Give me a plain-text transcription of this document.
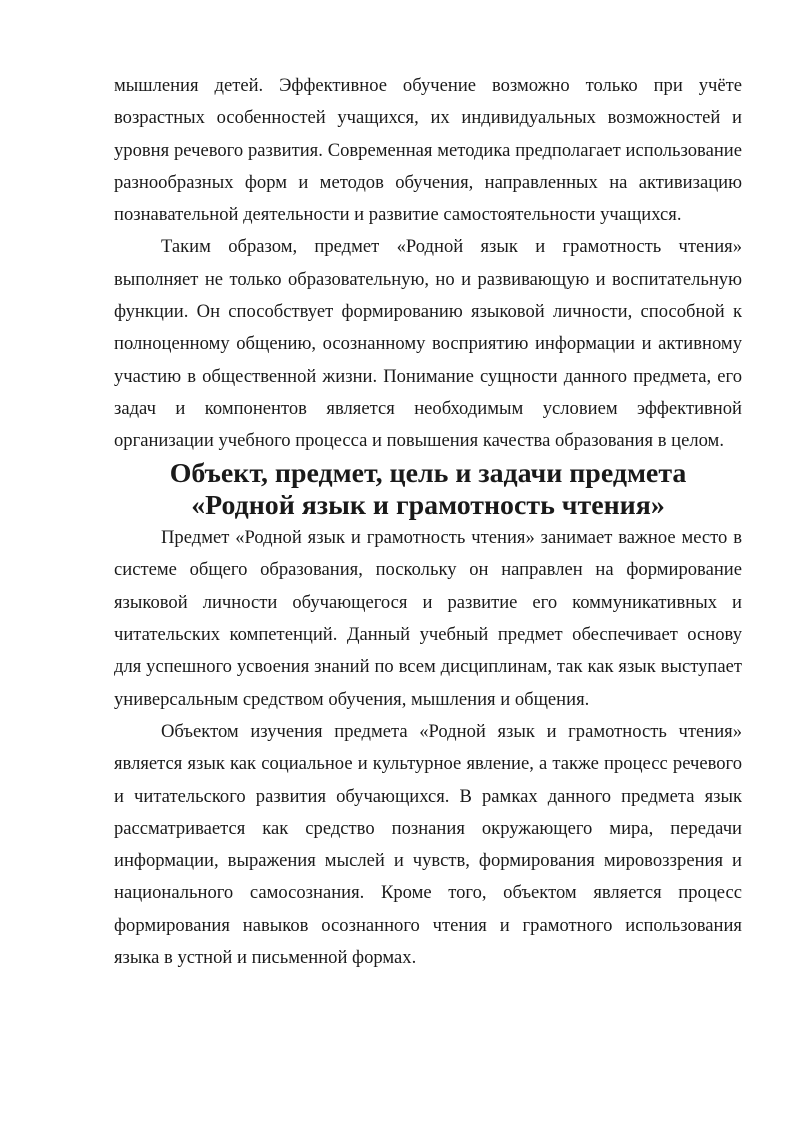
мышления детей. Эффективное обучение возможно только при учёте возрастных особенностей учащихся, их индивидуальных возможностей и уровня речевого развития. Современная методика предполагает использование разнообразных форм и методов обучения, направленных на активизацию познавательной деятельности и развитие самостоятельности учащихся.

Таким образом, предмет «Родной язык и грамотность чтения» выполняет не только образовательную, но и развивающую и воспитательную функции. Он способствует формированию языковой личности, способной к полноценному общению, осознанному восприятию информации и активному участию в общественной жизни. Понимание сущности данного предмета, его задач и компонентов является необходимым условием эффективной организации учебного процесса и повышения качества образования в целом.

Объект, предмет, цель и задачи предмета «Родной язык и грамотность чтения»

Предмет «Родной язык и грамотность чтения» занимает важное место в системе общего образования, поскольку он направлен на формирование языковой личности обучающегося и развитие его коммуникативных и читательских компетенций. Данный учебный предмет обеспечивает основу для успешного усвоения знаний по всем дисциплинам, так как язык выступает универсальным средством обучения, мышления и общения.

Объектом изучения предмета «Родной язык и грамотность чтения» является язык как социальное и культурное явление, а также процесс речевого и читательского развития обучающихся. В рамках данного предмета язык рассматривается как средство познания окружающего мира, передачи информации, выражения мыслей и чувств, формирования мировоззрения и национального самосознания. Кроме того, объектом является процесс формирования навыков осознанного чтения и грамотного использования языка в устной и письменной формах.
